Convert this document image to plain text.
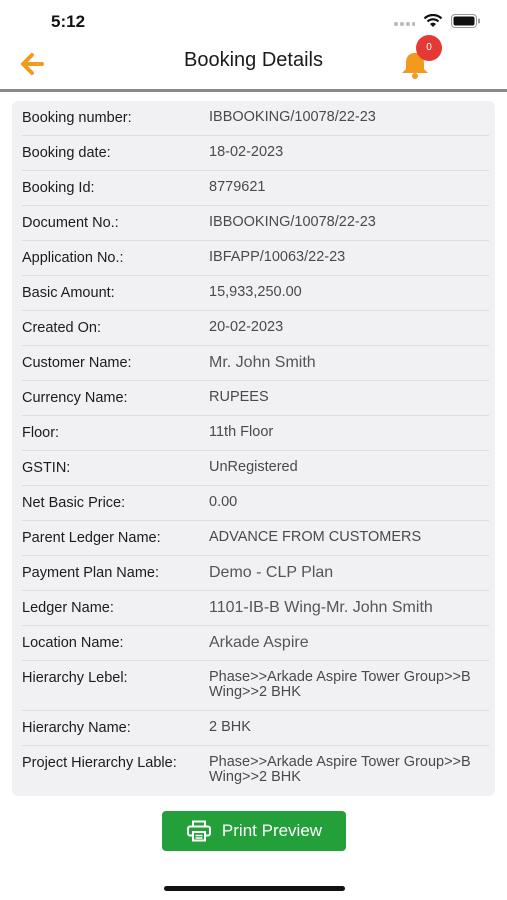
5:12
Booking Details
0
Booking number:	IBBOOKING/10078/22-23
Booking date:	18-02-2023
Booking Id:	8779621
Document No.:	IBBOOKING/10078/22-23
Application No.:	IBFAPP/10063/22-23
Basic Amount:	15,933,250.00
Created On:	20-02-2023
Customer Name:	Mr. John Smith
Currency Name:	RUPEES
Floor:	11th Floor
GSTIN:	UnRegistered
Net Basic Price:	0.00
Parent Ledger Name:	ADVANCE FROM CUSTOMERS
Payment Plan Name:	Demo - CLP Plan
Ledger Name:	1101-IB-B Wing-Mr. John Smith
Location Name:	Arkade Aspire
Hierarchy Lebel:	Phase>>Arkade Aspire Tower Group>>B Wing>>2 BHK
Hierarchy Name:	2 BHK
Project Hierarchy Lable:	Phase>>Arkade Aspire Tower Group>>B Wing>>2 BHK
Print Preview
